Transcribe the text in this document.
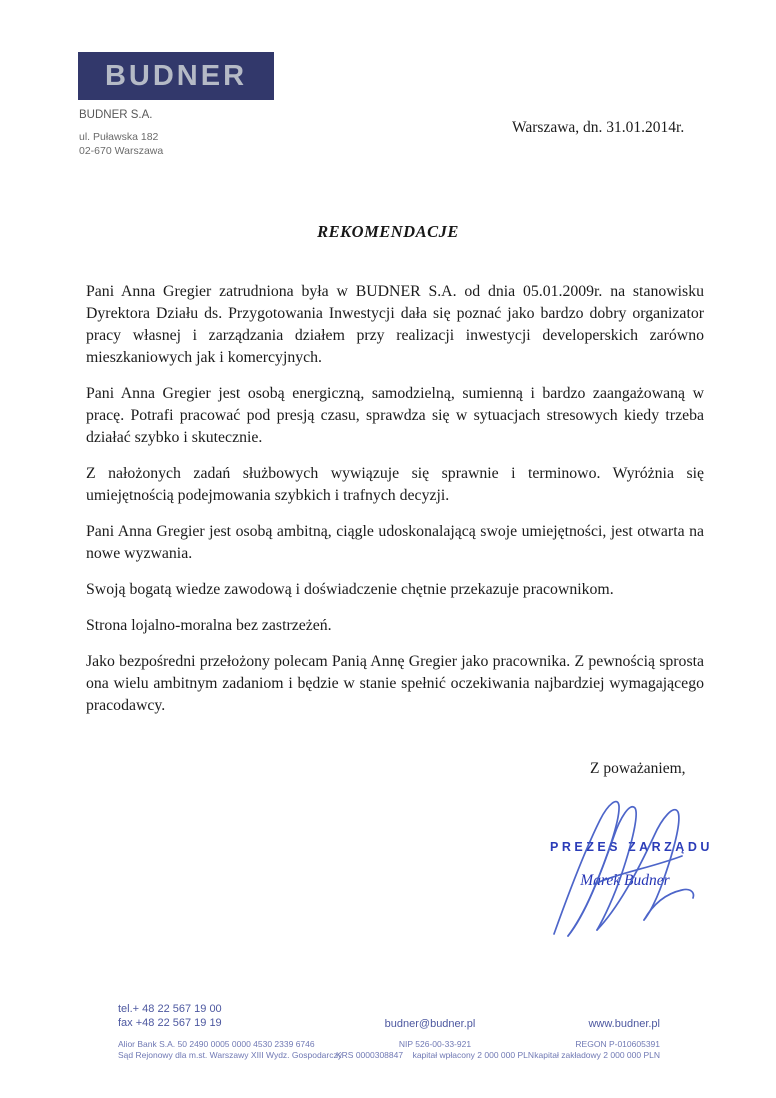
BUDNER
BUDNER S.A.
ul. Puławska 182
02-670 Warszawa
Warszawa, dn. 31.01.2014r.
REKOMENDACJE

Pani Anna Gregier zatrudniona była w BUDNER S.A. od dnia 05.01.2009r. na stanowisku Dyrektora Działu ds. Przygotowania Inwestycji dała się poznać jako bardzo dobry organizator pracy własnej i zarządzania działem przy realizacji inwestycji developerskich zarówno mieszkaniowych jak i komercyjnych.

Pani Anna Gregier jest osobą energiczną, samodzielną, sumienną i bardzo zaangażowaną w pracę. Potrafi pracować pod presją czasu, sprawdza się w sytuacjach stresowych kiedy trzeba działać szybko i skutecznie.

Z nałożonych zadań służbowych wywiązuje się sprawnie i terminowo. Wyróżnia się umiejętnością podejmowania szybkich i trafnych decyzji.

Pani Anna Gregier jest osobą ambitną, ciągle udoskonalającą swoje umiejętności, jest otwarta na nowe wyzwania.

Swoją bogatą wiedze zawodową i doświadczenie chętnie przekazuje pracownikom.

Strona lojalno-moralna bez zastrzeżeń.

Jako bezpośredni przełożony polecam Panią Annę Gregier jako pracownika. Z pewnością sprosta ona wielu ambitnym zadaniom i będzie w stanie spełnić oczekiwania najbardziej wymagającego pracodawcy.

Z poważaniem,
PREZES ZARZĄDU
Marek Budner
tel.+ 48 22 567 19 00
fax +48 22 567 19 19
Alior Bank S.A. 50 2490 0005 0000 4530 2339 6746
Sąd Rejonowy dla m.st. Warszawy XIII Wydz. Gospodarczy
budner@budner.pl
NIP 526-00-33-921
KRS 0000308847 kapitał wpłacony 2 000 000 PLN
www.budner.pl
REGON P-010605391
kapitał zakładowy 2 000 000 PLN
